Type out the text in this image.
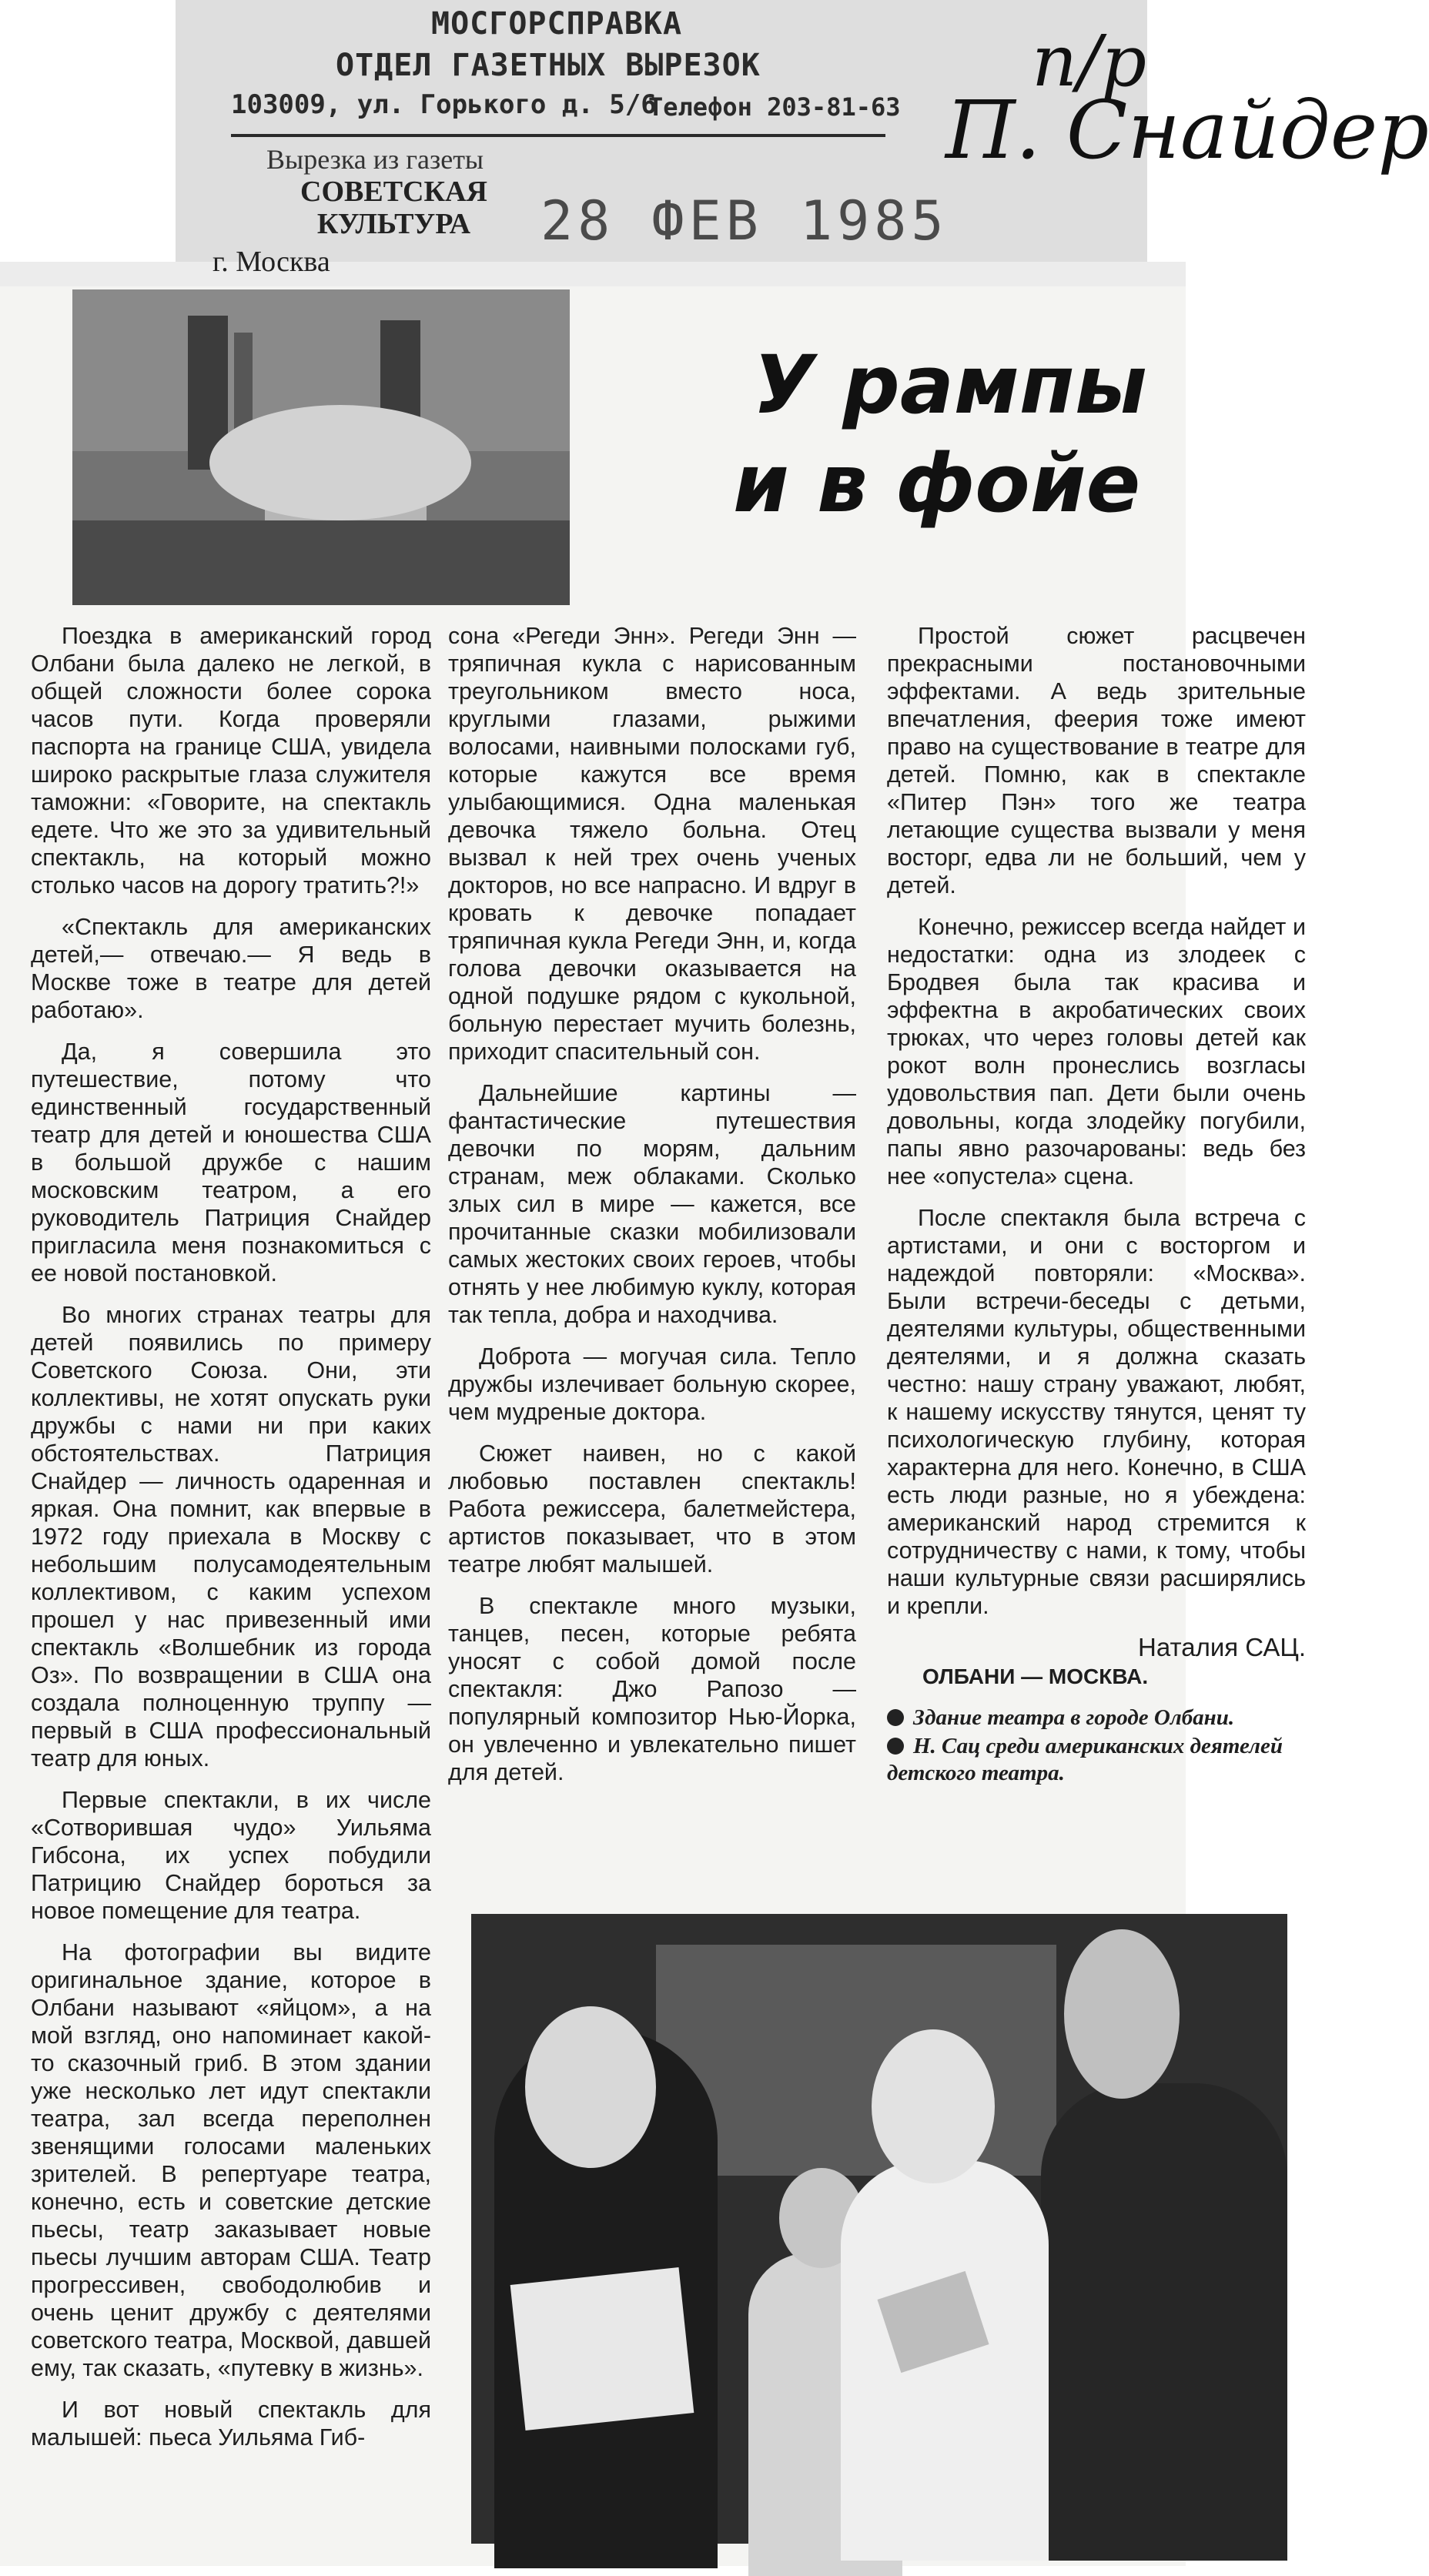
МОСГОРСПРАВКА
ОТДЕЛ ГАЗЕТНЫХ ВЫРЕЗОК
103009, ул. Горького д. 5/6
Телефон 203-81-63
Вырезка из газеты
СОВЕТСКАЯ
КУЛЬТУРА	28 ФЕВ 1985
г. Москва
п/р
П. Снайдер
У рампы
и в фойе

Поездка в американский город Олбани была далеко не легкой, в общей сложности более сорока часов пути. Когда проверяли паспорта на границе США, увидела широко раскрытые глаза служителя таможни: «Говорите, на спектакль едете. Что же это за удивительный спектакль, на который можно столько часов на дорогу тратить?!»

«Спектакль для американских детей,— отвечаю.— Я ведь в Москве тоже в театре для детей работаю».

Да, я совершила это путешествие, потому что единственный государственный театр для детей и юношества США в большой дружбе с нашим московским театром, а его руководитель Патриция Снайдер пригласила меня познакомиться с ее новой постановкой.

Во многих странах театры для детей появились по примеру Советского Союза. Они, эти коллективы, не хотят опускать руки дружбы с нами ни при каких обстоятельствах. Патриция Снайдер — личность одаренная и яркая. Она помнит, как впервые в 1972 году приехала в Москву с небольшим полусамодеятельным коллективом, с каким успехом прошел у нас привезенный ими спектакль «Волшебник из города Оз». По возвращении в США она создала полноценную труппу — первый в США профессиональный театр для юных.

Первые спектакли, в их числе «Сотворившая чудо» Уильяма Гибсона, их успех побудили Патрицию Снайдер бороться за новое помещение для театра.

На фотографии вы видите оригинальное здание, которое в Олбани называют «яйцом», а на мой взгляд, оно напоминает какой-то сказочный гриб. В этом здании уже несколько лет идут спектакли театра, зал всегда переполнен звенящими голосами маленьких зрителей. В репертуаре театра, конечно, есть и советские детские пьесы, театр заказывает новые пьесы лучшим авторам США. Театр прогрессивен, свободолюбив и очень ценит дружбу с деятелями советского театра, Москвой, давшей ему, так сказать, «путевку в жизнь».

И вот новый спектакль для малышей: пьеса Уильяма Гиб-

сона «Регеди Энн». Регеди Энн — тряпичная кукла с нарисованным треугольником вместо носа, круглыми глазами, рыжими волосами, наивными полосками губ, которые кажутся все время улыбающимися. Одна маленькая девочка тяжело больна. Отец вызвал к ней трех очень ученых докторов, но все напрасно. И вдруг в кровать к девочке попадает тряпичная кукла Регеди Энн, и, когда голова девочки оказывается на одной подушке рядом с кукольной, больную перестает мучить болезнь, приходит спасительный сон.

Дальнейшие картины — фантастические путешествия девочки по морям, дальним странам, меж облаками. Сколько злых сил в мире — кажется, все прочитанные сказки мобилизовали самых жестоких своих героев, чтобы отнять у нее любимую куклу, которая так тепла, добра и находчива.

Доброта — могучая сила. Тепло дружбы излечивает больную скорее, чем мудреные доктора.

Сюжет наивен, но с какой любовью поставлен спектакль! Работа режиссера, балетмейстера, артистов показывает, что в этом театре любят малышей.

В спектакле много музыки, танцев, песен, которые ребята уносят с собой домой после спектакля: Джо Рапозо — популярный композитор Нью-Йорка, он увлеченно и увлекательно пишет для детей.

Простой сюжет расцвечен прекрасными постановочными эффектами. А ведь зрительные впечатления, феерия тоже имеют право на существование в театре для детей. Помню, как в спектакле «Питер Пэн» того же театра летающие существа вызвали у меня восторг, едва ли не больший, чем у детей.

Конечно, режиссер всегда найдет и недостатки: одна из злодеек с Бродвея была так красива и эффектна в акробатических своих трюках, что через головы детей как рокот волн пронеслись возгласы удовольствия пап. Дети были очень довольны, когда злодейку погубили, папы явно разочарованы: ведь без нее «опустела» сцена.

После спектакля была встреча с артистами, и они с восторгом и надеждой повторяли: «Москва». Были встречи-беседы с детьми, деятелями культуры, общественными деятелями, и я должна сказать честно: нашу страну уважают, любят, к нашему искусству тянутся, ценят ту психологическую глубину, которая характерна для него. Конечно, в США есть люди разные, но я убеждена: американский народ стремится к сотрудничеству с нами, к тому, чтобы наши культурные связи расширялись и крепли.

Наталия САЦ.
ОЛБАНИ — МОСКВА.

Здание театра в городе Олбани.

Н. Сац среди американских деятелей детского театра.
